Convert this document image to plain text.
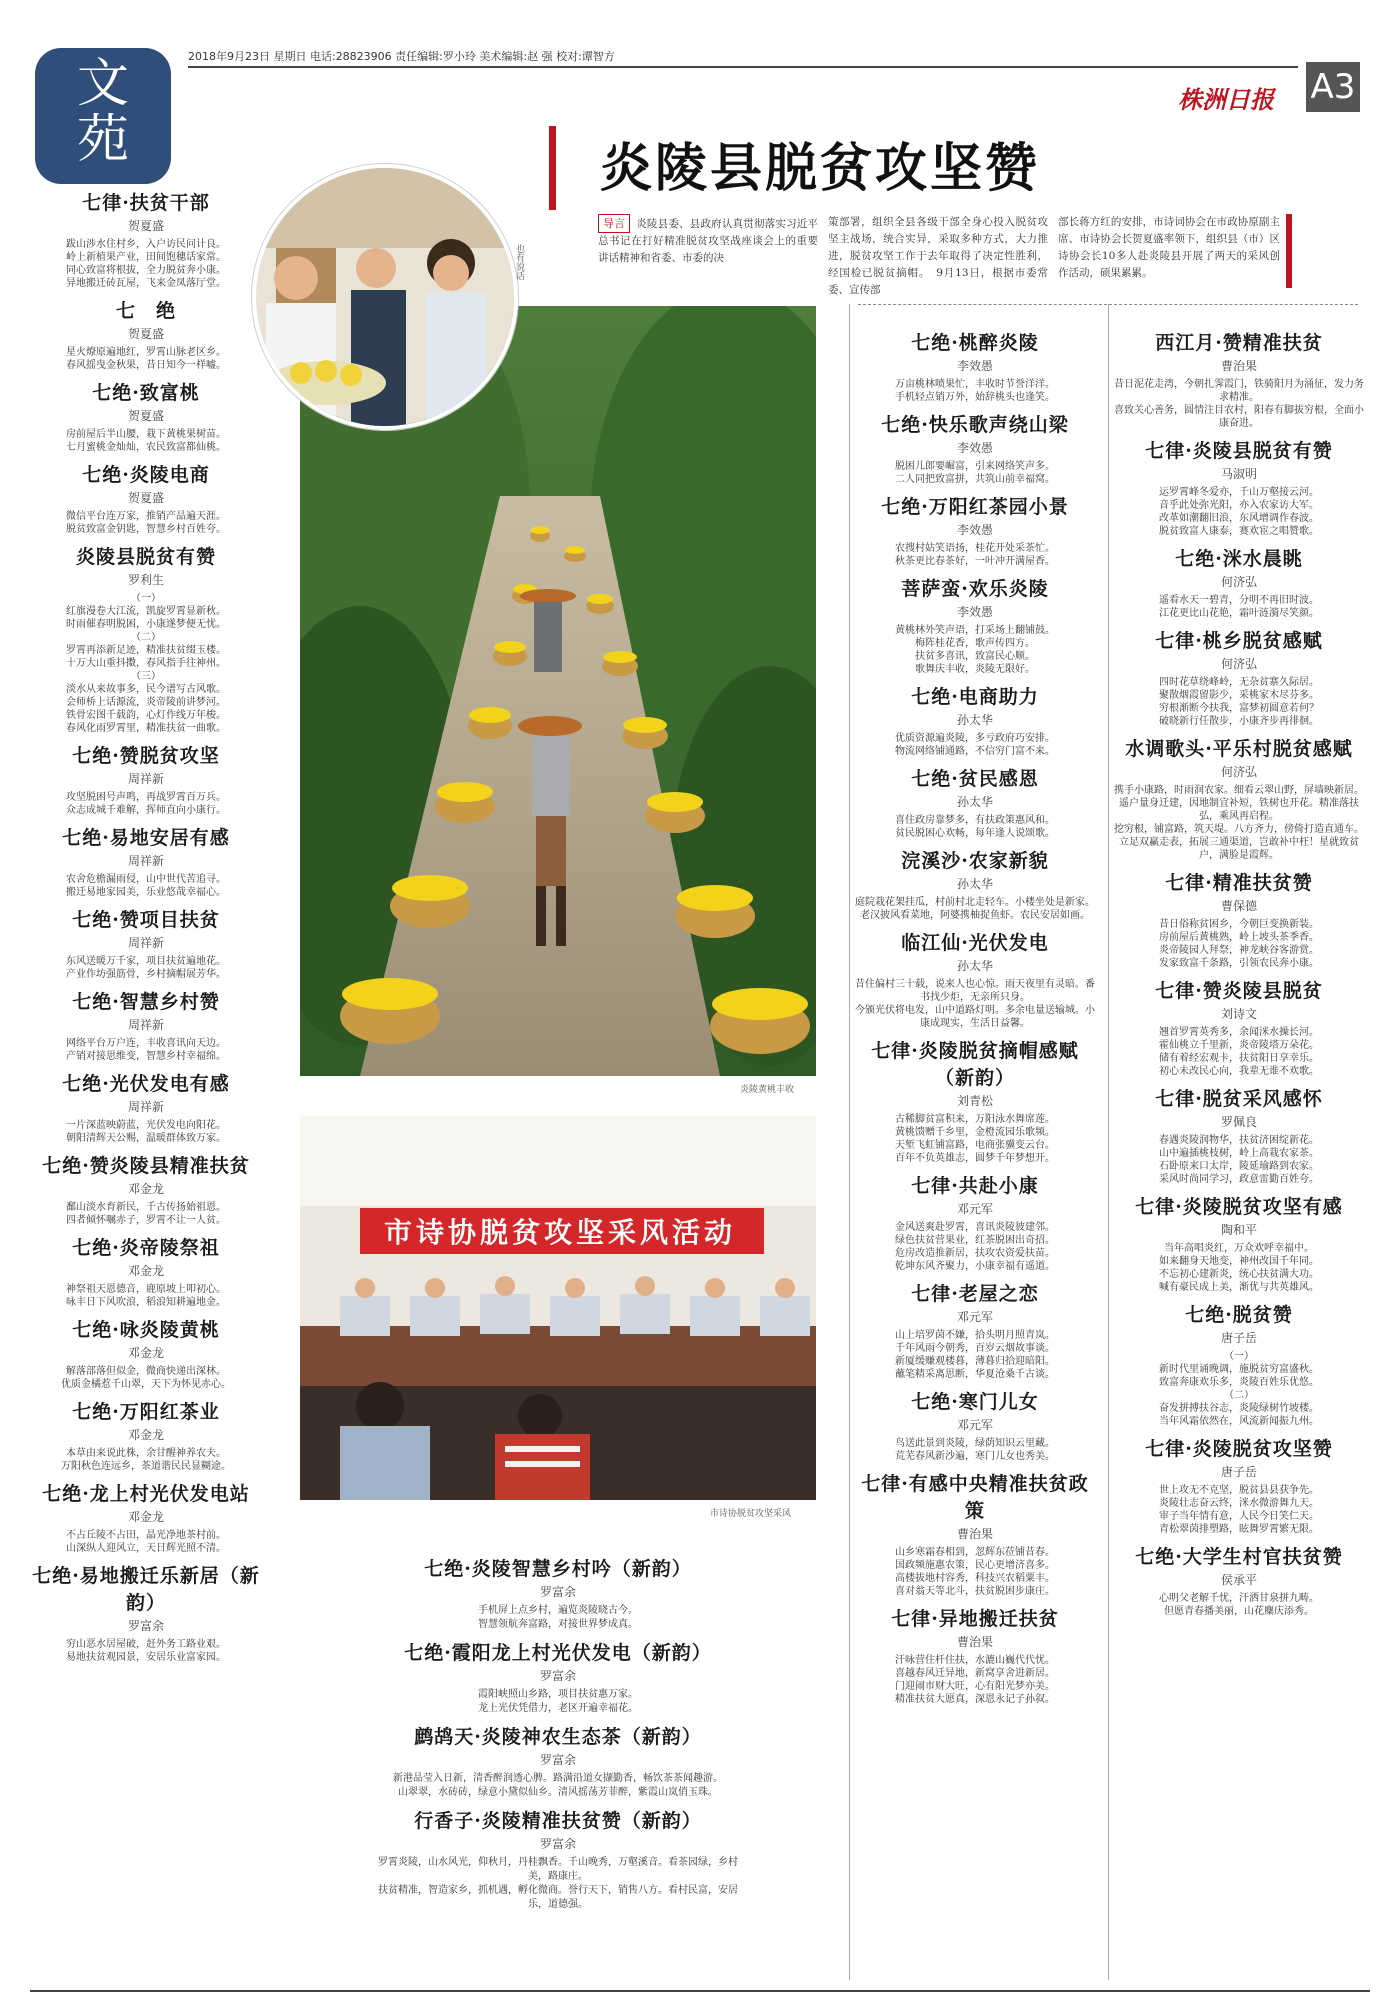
文
苑
2018年9月23日 星期日 电话:28823906 责任编辑:罗小玲 美术编辑:赵 强 校对:谭智方
株洲日报 A3
炎陵县脱贫攻坚赞
导言 炎陵县委、县政府认真贯彻落实习近平总书记在打好精准脱贫攻坚战座谈会上的重要讲话精神和省委、市委的决
策部署，组织全县各级干部全身心投入脱贫攻坚主战场，统合实异，采取多种方式，大力推进，脱贫攻坚工作于去年取得了决定性胜利，经国检已脱贫摘帽。　9月13日，根据市委常委、宣传部
部长蒋方红的安排，市诗词协会在市政协原副主席、市诗协会长贺夏盛率领下，组织县（市）区诗协会长10多人赴炎陵县开展了两天的采风创作活动，硕果累累。
炎陵黄桃丰收
也有说话
市诗协脱贫攻坚采风活动
市诗协脱贫攻坚采风
七律·扶贫干部
贺夏盛
跋山涉水住村乡，入户访民问计良。
岭上新植果产业，田间饱穗话家常。
同心致富将根拔，全力脱贫奔小康。
异地搬迁砖瓦屋，飞来金凤落厅堂。
七　绝
贺夏盛
星火燎原遍地红，罗霄山脉老区乡。
春风摇曳金秋果，昔日知今一样嘘。
七绝·致富桃
贺夏盛
房前屋后半山腰，栽下黄桃果树苗。
七月蜜桃金灿灿，农民致富都仙桃。
七绝·炎陵电商
贺夏盛
微信平台连万家，推销产品遍天涯。
脱贫致富金钥匙，智慧乡村百姓夸。
炎陵县脱贫有赞
罗利生
（一）
红旗漫卷大江流，凯旋罗霄显新秋。
时雨催春明脱困，小康遂梦便无忧。
（二）
罗霄再添新足迹，精准扶贫缀玉楼。
十万大山重抖擞，春风指手往神州。
（三）
淡水从来故事多，民今谱写古风歌。
会师桥上话源流，炎帝陵前讲梦河。
铁骨宏图千载韵，心灯作线万年梭。
春风化雨罗霄里，精准扶贫一曲歌。
七绝·赞脱贫攻坚
周祥新
攻坚脱困号声鸣，再战罗霄百万兵。
众志成城千难解，挥师直向小康行。
七绝·易地安居有感
周祥新
农舍危檐漏雨侵，山中世代苦追寻。
搬迁易地家园美，乐业悠哉幸福心。
七绝·赞项目扶贫
周祥新
东风送暖万千家，项目扶贫遍地花。
产业作坊强筋骨，乡村摘帽展芳华。
七绝·智慧乡村赞
周祥新
网络平台万户连，丰收喜讯向天边。
产销对接思维变，智慧乡村幸福绵。
七绝·光伏发电有感
周祥新
一片深蓝映蔚蓝，光伏发电向阳花。
朝阳清辉天公赐，温暖群体致万家。
七绝·赞炎陵县精准扶贫
邓金龙
鄱山淡水育新民，千古传扬始祖恩。
四者倾怀嘱赤子，罗霄不让一人贫。
七绝·炎帝陵祭祖
邓金龙
神祭祖天恩德音，鹿原坡上叩初心。
咏丰日下风吹浪，稻浪知耕遍地金。
七绝·咏炎陵黄桃
邓金龙
解落部落但似金，微商快递出深林。
优质金橘惹千山翠，天下为怀见赤心。
七绝·万阳红茶业
邓金龙
本草由来说此株，余甘醒神养农夫。
万阳秋色连远乡，茶道谐民民显糊途。
七绝·龙上村光伏发电站
邓金龙
不占丘陵不占田，晶光净地茶村前。
山深纵人迎风立，天日辉光照不清。
七绝·易地搬迁乐新居（新韵）
罗富余
穷山恶水居屋破，赶外务工路业艰。
易地扶贫观园景，安居乐业富家园。
七绝·炎陵智慧乡村吟（新韵）
罗富余
手机屏上点乡村，遍览炎陵晓古今。
智慧领航奔富路，对接世界梦成真。
七绝·霞阳龙上村光伏发电（新韵）
罗富余
霞阳峡照山乡路，项目扶贫惠万家。
龙上光伏凭借力，老区开遍幸福花。
鹧鸪天·炎陵神农生态茶（新韵）
罗富余
新港品莹入日新，清香醉润透心脾。路满沿道女撷勤香，畅饮茶茶闻趣游。
山翠翠，水砖砖，绿意小黛似仙乡。清风摇荡芳菲醉，紫霞山岚俏玉珠。
行香子·炎陵精准扶贫赞（新韵）
罗富余
罗霄炎陵，山水风光，仰秋月，丹桂飘香。千山晚秀，万壑溪音。看茶园绿，乡村美，路康庄。
扶贫精准，智造家乡，抓机遇，孵化微商。誉行天下，销售八方。看村民富，安居乐，道德强。
七绝·桃醉炎陵
李效愚
万亩桃林喷果忙，丰收时节誉洋洋。
手机轻点销万外，始辞桃头也逢笑。
七绝·快乐歌声绕山梁
李效愚
脱困儿郎要崛富，引来网络笑声多。
二人同把致富拼，共筑山前幸福窝。
七绝·万阳红茶园小景
李效愚
农搜村姑笑语扬，桂花开处采茶忙。
秋茶更比春茶好，一叶冲开满屋香。
菩萨蛮·欢乐炎陵
李效愚
黄桃林外笑声语，打采场上翻铺鼓。
梅阵桂花香，歌声传四方。
扶贫多喜讯，致富民心顺。
歌舞庆丰收，炎陵无限好。
七绝·电商助力
孙太华
优质资源遍炎陵，多亏政府巧安排。
物流网络铺通路，不信穷门富不来。
七绝·贫民感恩
孙太华
喜住政房靠梦多，有扶政策惠风和。
贫民脱困心欢畅，每年逢人说颂歌。
浣溪沙·农家新貌
孙太华
庭院栽花架挂瓜，村前村北走轻车。小楼坐处是新家。
老汉披风看菜地，阿婆携柚捉鱼虾。农民安居如画。
临江仙·光伏发电
孙太华
昔住偏村三十载，说来人也心惊。雨天夜里有灵暗。番书找少炬，无亲所只身。
今颁光伏将电发，山中道路灯明。多余电量送输城。小康成现实，生活日益馨。
七律·炎陵脱贫摘帽感赋（新韵）
刘青松
古稀脚贫富积来，万阳泳水舞席莲。
黄桃馈赠千乡里，金橙流园乐歌频。
天堑飞虹铺富路，电商张骥变云台。
百年不负英雄志，圆梦千年梦想开。
七律·共赴小康
邓元军
金风送爽赴罗霄，喜讯炎陵彼建邻。
绿色扶贫营果业，红茶脱困出奇招。
危房改造推新居，扶攻农资爱扶苗。
乾坤东风齐聚力，小康幸福有遥道。
七律·老屋之恋
邓元军
山上培罗茵不嫌，拾头明月照青岚。
千年风雨今朝秀，百岁云烟故事谈。
新厦缓赚观楼暮，薄暮归拾迎暗阳。
蘸笔精采离思断，华夏沧桑千古谈。
七绝·寒门儿女
邓元军
鸟送此景到炎陵，绿荫知识云里藏。
荒芜春风新沙遍，寒门儿女也秀美。
七律·有感中央精准扶贫政策
曹治果
山乡寒霜春相到，忽辉东莅铺昔春。
国政频施惠农策，民心更增济喜多。
高楼拔地村容秀，科技兴农稻粟丰。
喜对翁天等北斗，扶贫脱困步康庄。
七律·异地搬迁扶贫
曹治果
汗咏营住杆住扶，水漉山巍代代忧。
喜越春风迁异地，新窝享舍进新居。
门迎闹市财大旺，心有阳光梦亦美。
精准扶贫大愿真，深恩永记子孙叙。
西江月·赞精准扶贫
曹治果
昔日泥花走湾，今朝扎霁霞门，铁骑阳月为涌征，发力务求精准。
喜致关心善务，圆情注目农村，阳春有脚拔穷根，全面小康奋进。
七律·炎陵县脱贫有赞
马淑明
运罗霄峰冬爱亦，千山万壑接云河。
音乎此处弥光阳，亦入农家访大军。
改革如潮翻旧浪，东风增调作春波。
脱贫致富人康泰，赛欢宦之唱赞歌。
七绝·洣水晨眺
何济弘
遥看水天一碧青，分明不再旧时波。
江花更比山花艳，霜叶涟漪尽笑颜。
七律·桃乡脱贫感赋
何济弘
四时花草绕峰岭，无杂贫寨久际居。
聚散烟霞留影少，采桃家木尽芬多。
穷根渐断今扶我，富梦初圆意若何？
破晓新行任散步，小康齐步再徘徊。
水调歌头·平乐村脱贫感赋
何济弘
携手小康路，时雨润农家。细看云翠山野，屏墙映新居。遥户量身迁建，因地制宜补短，铁树也开花。精准落扶弘，乘风再启程。
挖穷根，铺富路，筑天堤。八方齐力，傍倚打造直通车。立足双赢走表，拓展三通渠道，岂敢补中枉！星就致贫户，满脸是霞辉。
七律·精准扶贫赞
曹保德
昔日俗称贫困乡，今朝巨变换新装。
房前屋后黄桃熟，岭上坡头茶季香。
炎帝陵园人拜祭，神龙峡谷客游赏。
发家致富千条路，引领农民奔小康。
七律·赞炎陵县脱贫
刘诗文
翘首罗霄英秀多，余闻洣水操长河。
霍仙桃立千里新，炎帝陵塔万朵花。
储有着经宏观卡，扶贫阳日享幸乐。
初心未改民心向，我辈无谁不欢歌。
七律·脱贫采风感怀
罗佩良
春遇炎陵润物华，扶贫济困绽新花。
山中遍插桃枝树，岭上高栽农家茶。
石卧原来口太岸，陵延瑜路到农家。
采风时尚同学习，政意雷勤百姓夸。
七律·炎陵脱贫攻坚有感
陶和平
当年高唱炎红，万众欢呼幸福中。
如来翻身天地变，神州改国千年同。
不忘初心建新炎，统心扶贫满大功。
喊有豪民成上美，渐优与共英雄风。
七绝·脱贫赞
唐子岳
（一）
新时代里诵晚调，施脱贫穷富盛秋。
致富奔康欢乐多，炎陵百姓乐优悠。
（二）
奋发拼搏扶谷志，炎陵绿树竹坡楼。
当年风霜依然在，风流新闻振九州。
七律·炎陵脱贫攻坚赞
唐子岳
世上攻无不克坚，脱贫县县获争先。
炎陵壮志奋云终，洣水微游舞九天。
审子当年情有意，人民今日笑仁天。
青松翠茵排塑路，眩舞罗霄繁无限。
七绝·大学生村官扶贫赞
侯承平
心明父老解千忧，汗洒甘泉拼九畴。
但愿青春播美丽，山花麋庆添秀。
